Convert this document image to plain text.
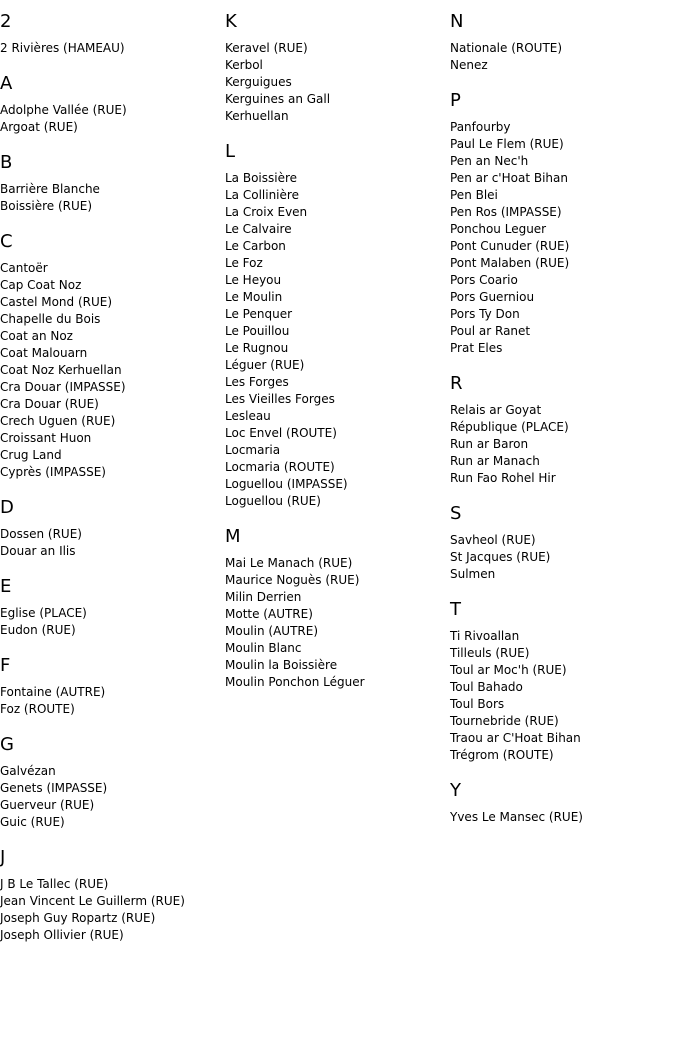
2
2 Rivières (HAMEAU)
A
Adolphe Vallée (RUE)
Argoat (RUE)
B
Barrière Blanche
Boissière (RUE)
C
Cantoër
Cap Coat Noz
Castel Mond (RUE)
Chapelle du Bois
Coat an Noz
Coat Malouarn
Coat Noz Kerhuellan
Cra Douar (IMPASSE)
Cra Douar (RUE)
Crech Uguen (RUE)
Croissant Huon
Crug Land
Cyprès (IMPASSE)
D
Dossen (RUE)
Douar an Ilis
E
Eglise (PLACE)
Eudon (RUE)
F
Fontaine (AUTRE)
Foz (ROUTE)
G
Galvézan
Genets (IMPASSE)
Guerveur (RUE)
Guic (RUE)
J
J B Le Tallec (RUE)
Jean Vincent Le Guillerm (RUE)
Joseph Guy Ropartz (RUE)
Joseph Ollivier (RUE)
K
Keravel (RUE)
Kerbol
Kerguigues
Kerguines an Gall
Kerhuellan
L
La Boissière
La Collinière
La Croix Even
Le Calvaire
Le Carbon
Le Foz
Le Heyou
Le Moulin
Le Penquer
Le Pouillou
Le Rugnou
Léguer (RUE)
Les Forges
Les Vieilles Forges
Lesleau
Loc Envel (ROUTE)
Locmaria
Locmaria (ROUTE)
Loguellou (IMPASSE)
Loguellou (RUE)
M
Mai Le Manach (RUE)
Maurice Noguès (RUE)
Milin Derrien
Motte (AUTRE)
Moulin (AUTRE)
Moulin Blanc
Moulin la Boissière
Moulin Ponchon Léguer
N
Nationale (ROUTE)
Nenez
P
Panfourby
Paul Le Flem (RUE)
Pen an Nec'h
Pen ar c'Hoat Bihan
Pen Blei
Pen Ros (IMPASSE)
Ponchou Leguer
Pont Cunuder (RUE)
Pont Malaben (RUE)
Pors Coario
Pors Guerniou
Pors Ty Don
Poul ar Ranet
Prat Eles
R
Relais ar Goyat
République (PLACE)
Run ar Baron
Run ar Manach
Run Fao Rohel Hir
S
Savheol (RUE)
St Jacques (RUE)
Sulmen
T
Ti Rivoallan
Tilleuls (RUE)
Toul ar Moc'h (RUE)
Toul Bahado
Toul Bors
Tournebride (RUE)
Traou ar C'Hoat Bihan
Trégrom (ROUTE)
Y
Yves Le Mansec (RUE)
